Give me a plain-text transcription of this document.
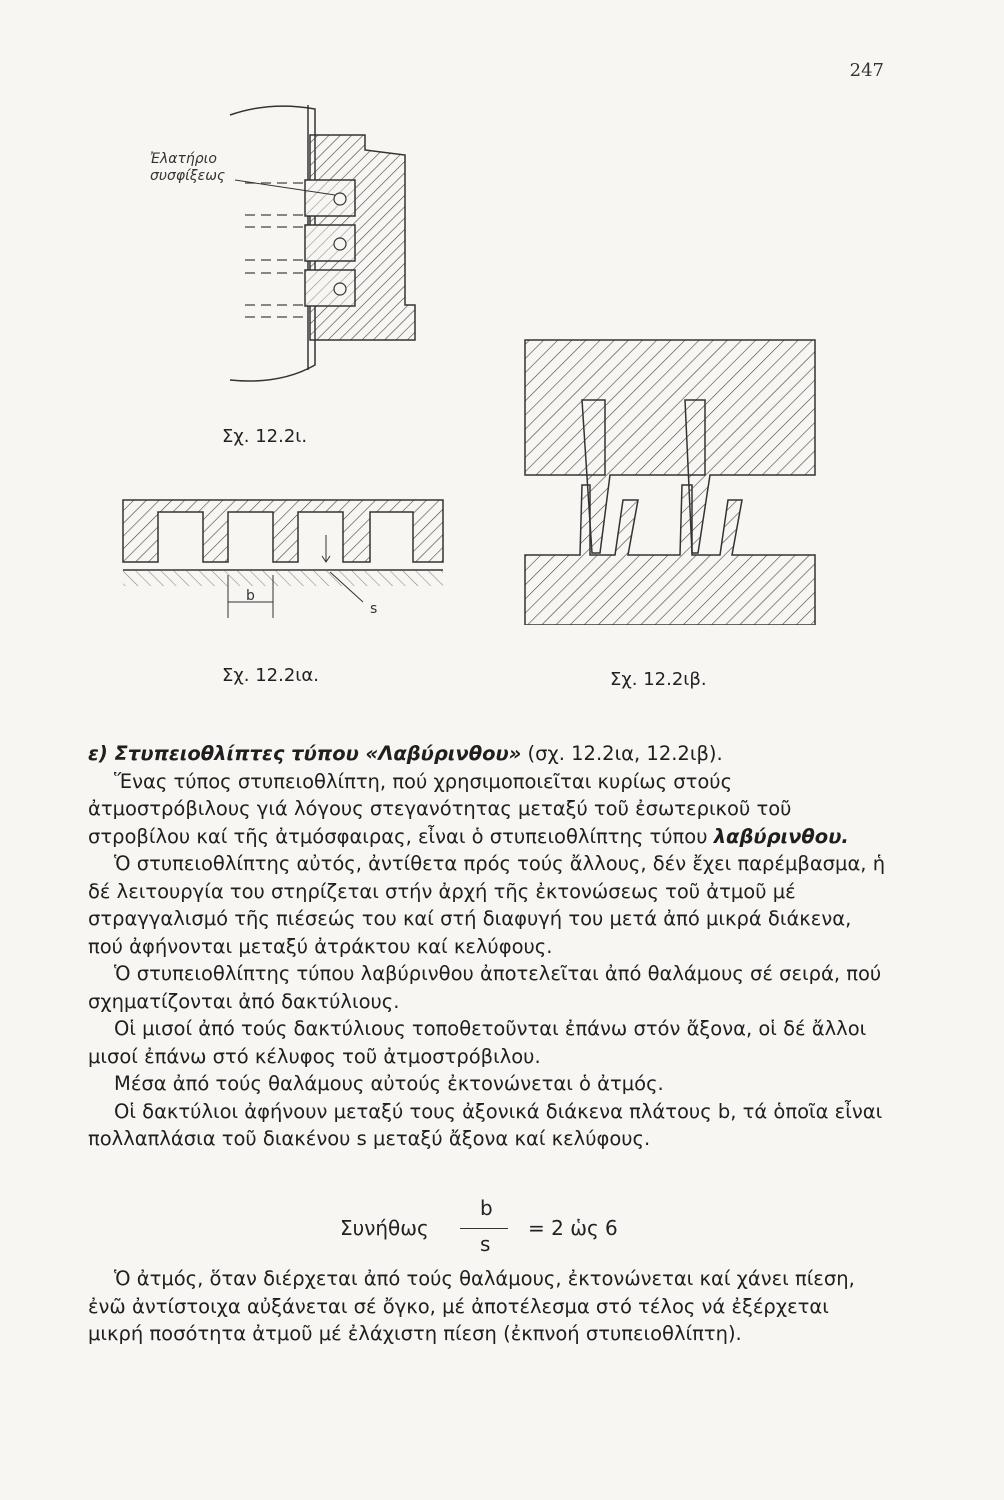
247
Ἐλατήριο
συσφίξεως
Σχ. 12.2ι.
b
s
Σχ. 12.2ια.	Σχ. 12.2ιβ.

ε) Στυπειοθλίπτες τύπου «Λαβύρινθου» (σχ. 12.2ια, 12.2ιβ).

Ἕνας τύπος στυπειοθλίπτη, πού χρησιμοποιεῖται κυρίως στούς ἀτμοστρόβιλους γιά λόγους στεγανότητας μεταξύ τοῦ ἐσωτερικοῦ τοῦ στροβίλου καί τῆς ἀτμόσφαιρας, εἶναι ὁ στυπειοθλίπτης τύπου λαβύρινθου.

Ὁ στυπειοθλίπτης αὐτός, ἀντίθετα πρός τούς ἄλλους, δέν ἔχει παρέμβασμα, ἡ δέ λειτουργία του στηρίζεται στήν ἀρχή τῆς ἐκτονώσεως τοῦ ἀτμοῦ μέ στραγγαλισμό τῆς πιέσεώς του καί στή διαφυγή του μετά ἀπό μικρά διάκενα, πού ἀφήνονται μεταξύ ἀτράκτου καί κελύφους.

Ὁ στυπειοθλίπτης τύπου λαβύρινθου ἀποτελεῖται ἀπό θαλάμους σέ σειρά, πού σχηματίζονται ἀπό δακτύλιους.

Οἱ μισοί ἀπό τούς δακτύλιους τοποθετοῦνται ἐπάνω στόν ἄξονα, οἱ δέ ἄλλοι μισοί ἐπάνω στό κέλυφος τοῦ ἀτμοστρόβιλου.

Μέσα ἀπό τούς θαλάμους αὐτούς ἐκτονώνεται ὁ ἀτμός.

Οἱ δακτύλιοι ἀφήνουν μεταξύ τους ἀξονικά διάκενα πλάτους b, τά ὁποῖα εἶναι πολλαπλάσια τοῦ διακένου s μεταξύ ἄξονα καί κελύφους.

Συνήθως
b
s
= 2 ὡς 6

Ὁ ἀτμός, ὅταν διέρχεται ἀπό τούς θαλάμους, ἐκτονώνεται καί χάνει πίεση, ἐνῶ ἀντίστοιχα αὐξάνεται σέ ὄγκο, μέ ἀποτέλεσμα στό τέλος νά ἐξέρχεται μικρή ποσότητα ἀτμοῦ μέ ἐλάχιστη πίεση (ἐκπνοή στυπειοθλίπτη).
